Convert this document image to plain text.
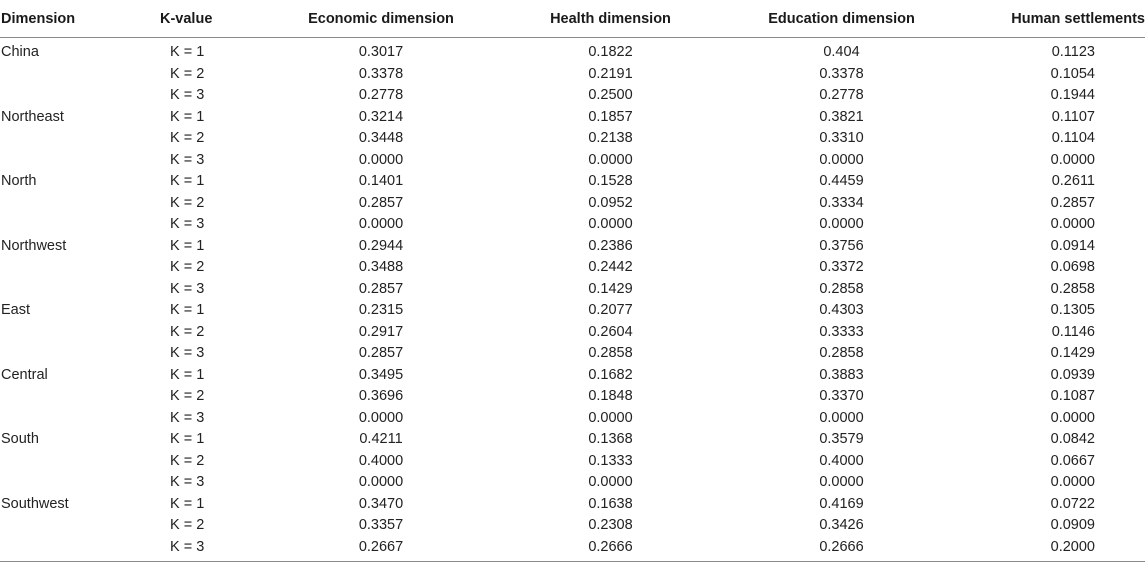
Dimension	K-value	Economic dimension	Health dimension	Education dimension	Human settlements
China	K = 1	0.3017	0.1822	0.404	0.1123
	K = 2	0.3378	0.2191	0.3378	0.1054
	K = 3	0.2778	0.2500	0.2778	0.1944
Northeast	K = 1	0.3214	0.1857	0.3821	0.1107
	K = 2	0.3448	0.2138	0.3310	0.1104
	K = 3	0.0000	0.0000	0.0000	0.0000
North	K = 1	0.1401	0.1528	0.4459	0.2611
	K = 2	0.2857	0.0952	0.3334	0.2857
	K = 3	0.0000	0.0000	0.0000	0.0000
Northwest	K = 1	0.2944	0.2386	0.3756	0.0914
	K = 2	0.3488	0.2442	0.3372	0.0698
	K = 3	0.2857	0.1429	0.2858	0.2858
East	K = 1	0.2315	0.2077	0.4303	0.1305
	K = 2	0.2917	0.2604	0.3333	0.1146
	K = 3	0.2857	0.2858	0.2858	0.1429
Central	K = 1	0.3495	0.1682	0.3883	0.0939
	K = 2	0.3696	0.1848	0.3370	0.1087
	K = 3	0.0000	0.0000	0.0000	0.0000
South	K = 1	0.4211	0.1368	0.3579	0.0842
	K = 2	0.4000	0.1333	0.4000	0.0667
	K = 3	0.0000	0.0000	0.0000	0.0000
Southwest	K = 1	0.3470	0.1638	0.4169	0.0722
	K = 2	0.3357	0.2308	0.3426	0.0909
	K = 3	0.2667	0.2666	0.2666	0.2000
